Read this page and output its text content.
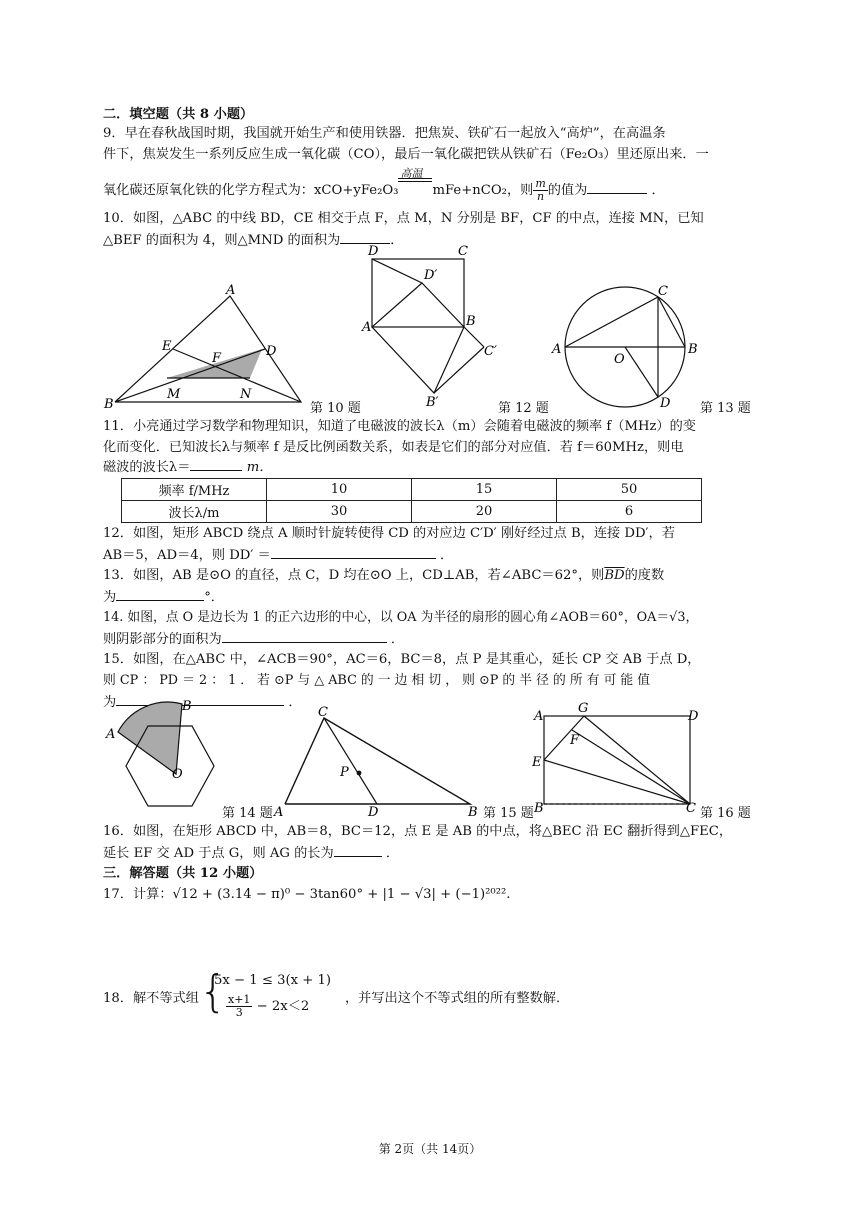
二．填空题（共 8 小题）
9．早在春秋战国时期，我国就开始生产和使用铁器．把焦炭、铁矿石一起放入“高炉”，在高温条
件下，焦炭发生一系列反应生成一氧化碳（CO），最后一氧化碳把铁从铁矿石（Fe₂O₃）里还原出来．一
氧化碳还原氧化铁的化学方程式为：xCO+yFe₂O₃
高温
mFe+nCO₂，则 $\frac{m}{n}$ 的值为	．
10．如图，△ABC 的中线 BD，CE 相交于点 F，点 M，N 分别是 BF，CF 的中点，连接 MN，已知
△BEF 的面积为 4，则△MND 的面积为	．
A
E
F	D
M	N
B	第 10 题
D	C
D′
A	B
C′
B′	第 12 题
A
C
B
O
D 第 13 题
11．小亮通过学习数学和物理知识，知道了电磁波的波长λ（m）会随着电磁波的频率 f（MHz）的变
化而变化．已知波长λ与频率 f 是反比例函数关系，如表是它们的部分对应值．若 f＝60MHz，则电
磁波的波长λ＝	m．
频率 f/MHz	10	15	50
波长λ/m	30	20	6
12．如图，矩形 ABCD 绕点 A 顺时针旋转使得 CD 的对应边 C′D′ 刚好经过点 B，连接 DD′，若
AB＝5，AD＝4，则 DD′ ＝	．
13．如图，AB 是⊙O 的直径，点 C，D 均在⊙O 上，CD⊥AB，若∠ABC＝62°，则$\overline{BD}$的度数
为	°．
14. 如图，点 O 是边长为 1 的正六边形的中心，以 OA 为半径的扇形的圆心角∠AOB＝60°，OA＝√3，
则阴影部分的面积为	．
15．如图，在△ABC 中，∠ACB＝90°，AC＝6，BC＝8，点 P 是其重心，延长 CP 交 AB 于点 D，
则 CP ： PD ＝ 2 ： 1 ． 若 ⊙P 与 △ ABC 的 一 边 相 切 ， 则 ⊙P 的 半 径 的 所 有 可 能 值
为	．
A
B
O
第 14 题
C
P
A	D	B 第 15 题
A
G
F
D
E
B	C 第 16 题
16．如图，在矩形 ABCD 中，AB＝8，BC＝12，点 E 是 AB 的中点，将△BEC 沿 EC 翻折得到△FEC，
延长 EF 交 AD 于点 G，则 AG 的长为	．
三．解答题（共 12 小题）
17．计算：√12 + (3.14 − π)⁰ − 3tan60° + |1 − √3| + (−1)²⁰²².
18．解不等式组 {
5x − 1 ≤ 3(x + 1)
$\frac{x+1}{3} - 2x<2$
，并写出这个不等式组的所有整数解．
第 2页（共 14页）
